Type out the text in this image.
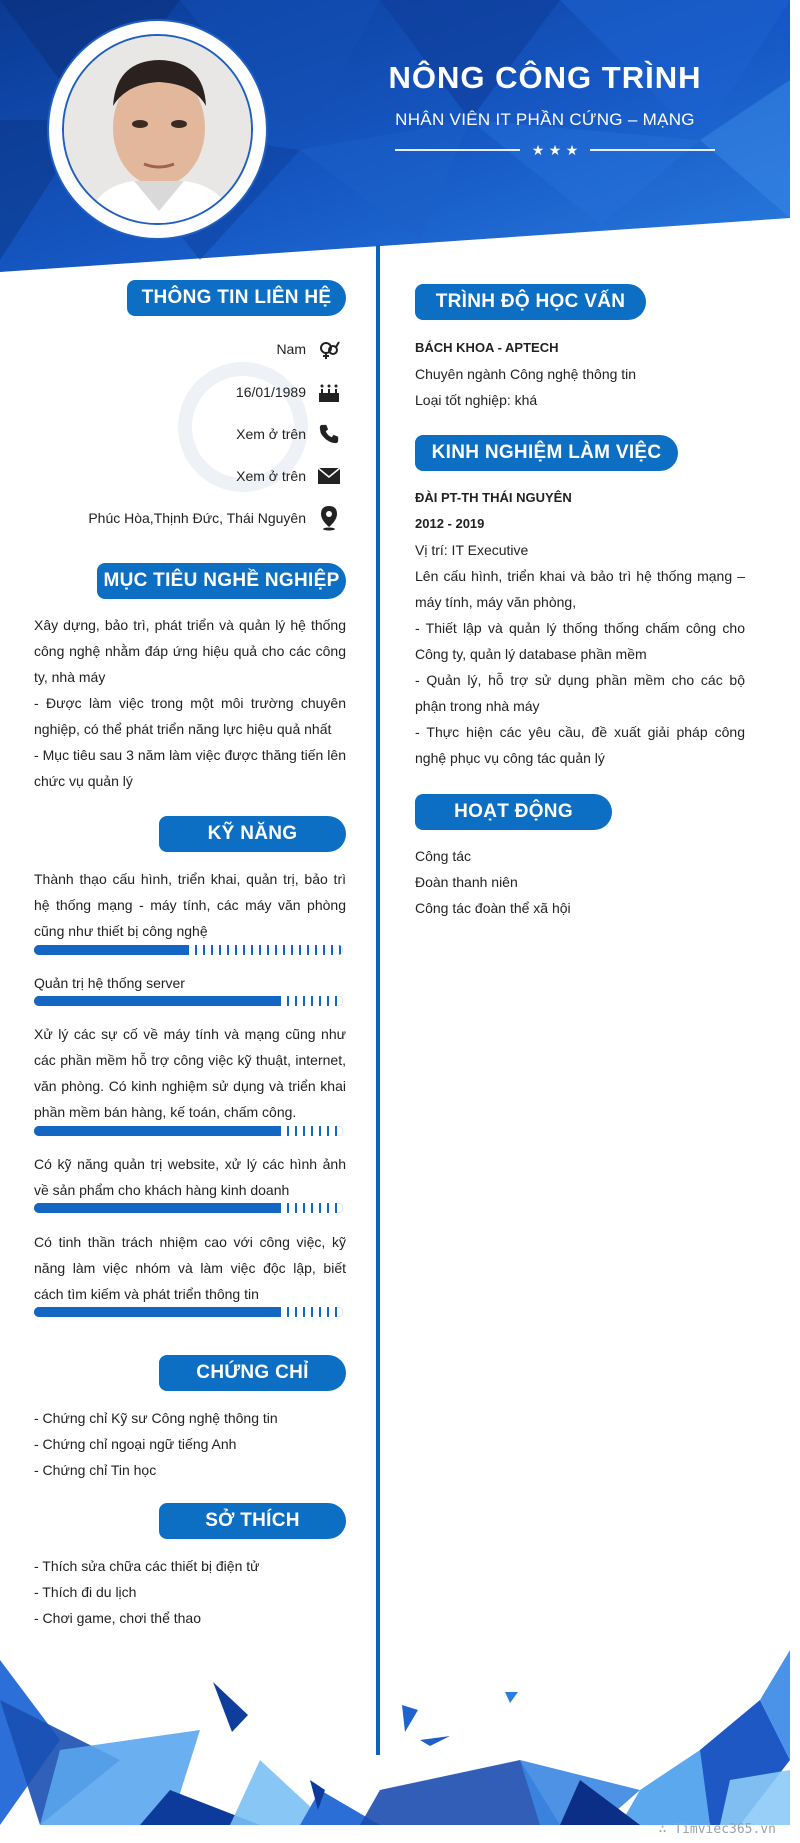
NÔNG CÔNG TRÌNH
NHÂN VIÊN IT PHẦN CỨNG – MẠNG
★ ★ ★
THÔNG TIN LIÊN HỆ
Nam
16/01/1989
Xem ở trên
Xem ở trên
Phúc Hòa,Thịnh Đức, Thái Nguyên
MỤC TIÊU NGHỀ NGHIỆP
Xây dựng, bảo trì, phát triển và quản lý hệ thống công nghệ nhằm đáp ứng hiệu quả cho các công ty, nhà máy
- Được làm việc trong một môi trường chuyên nghiệp, có thể phát triển năng lực hiệu quả nhất
- Mục tiêu sau 3 năm làm việc được thăng tiến lên chức vụ quản lý
KỸ NĂNG
Thành thạo cấu hình, triển khai, quản trị, bảo trì hệ thống mạng - máy tính, các máy văn phòng cũng như thiết bị công nghệ
Quản trị hệ thống server
Xử lý các sự cố về máy tính và mạng cũng như các phần mềm hỗ trợ công việc kỹ thuật, internet, văn phòng. Có kinh nghiệm sử dụng và triển khai phần mềm bán hàng, kế toán, chấm công.
Có kỹ năng quản trị website, xử lý các hình ảnh về sản phẩm cho khách hàng kinh doanh
Có tinh thần trách nhiệm cao với công việc, kỹ năng làm việc nhóm và làm việc độc lập, biết cách tìm kiếm và phát triển thông tin
CHỨNG CHỈ
- Chứng chỉ Kỹ sư Công nghệ thông tin
- Chứng chỉ ngoại ngữ tiếng Anh
- Chứng chỉ Tin học
SỞ THÍCH
- Thích sửa chữa các thiết bị điện tử
- Thích đi du lịch
- Chơi game, chơi thể thao
TRÌNH ĐỘ HỌC VẤN
BÁCH KHOA - APTECH
Chuyên ngành Công nghệ thông tin
Loại tốt nghiệp: khá
KINH NGHIỆM LÀM VIỆC
ĐÀI PT-TH THÁI NGUYÊN
2012 - 2019
Vị trí: IT Executive
Lên cấu hình, triển khai và bảo trì hệ thống mạng – máy tính, máy văn phòng,
- Thiết lập và quản lý thống thống chấm công cho Công ty, quản lý database phần mềm
- Quản lý, hỗ trợ sử dụng phần mềm cho các bộ phận trong nhà máy
- Thực hiện các yêu cầu, đề xuất giải pháp công nghệ phục vụ công tác quản lý
HOẠT ĐỘNG
Công tác
Đoàn thanh niên
Công tác đoàn thể xã hội
∴ Timviec365.vn
